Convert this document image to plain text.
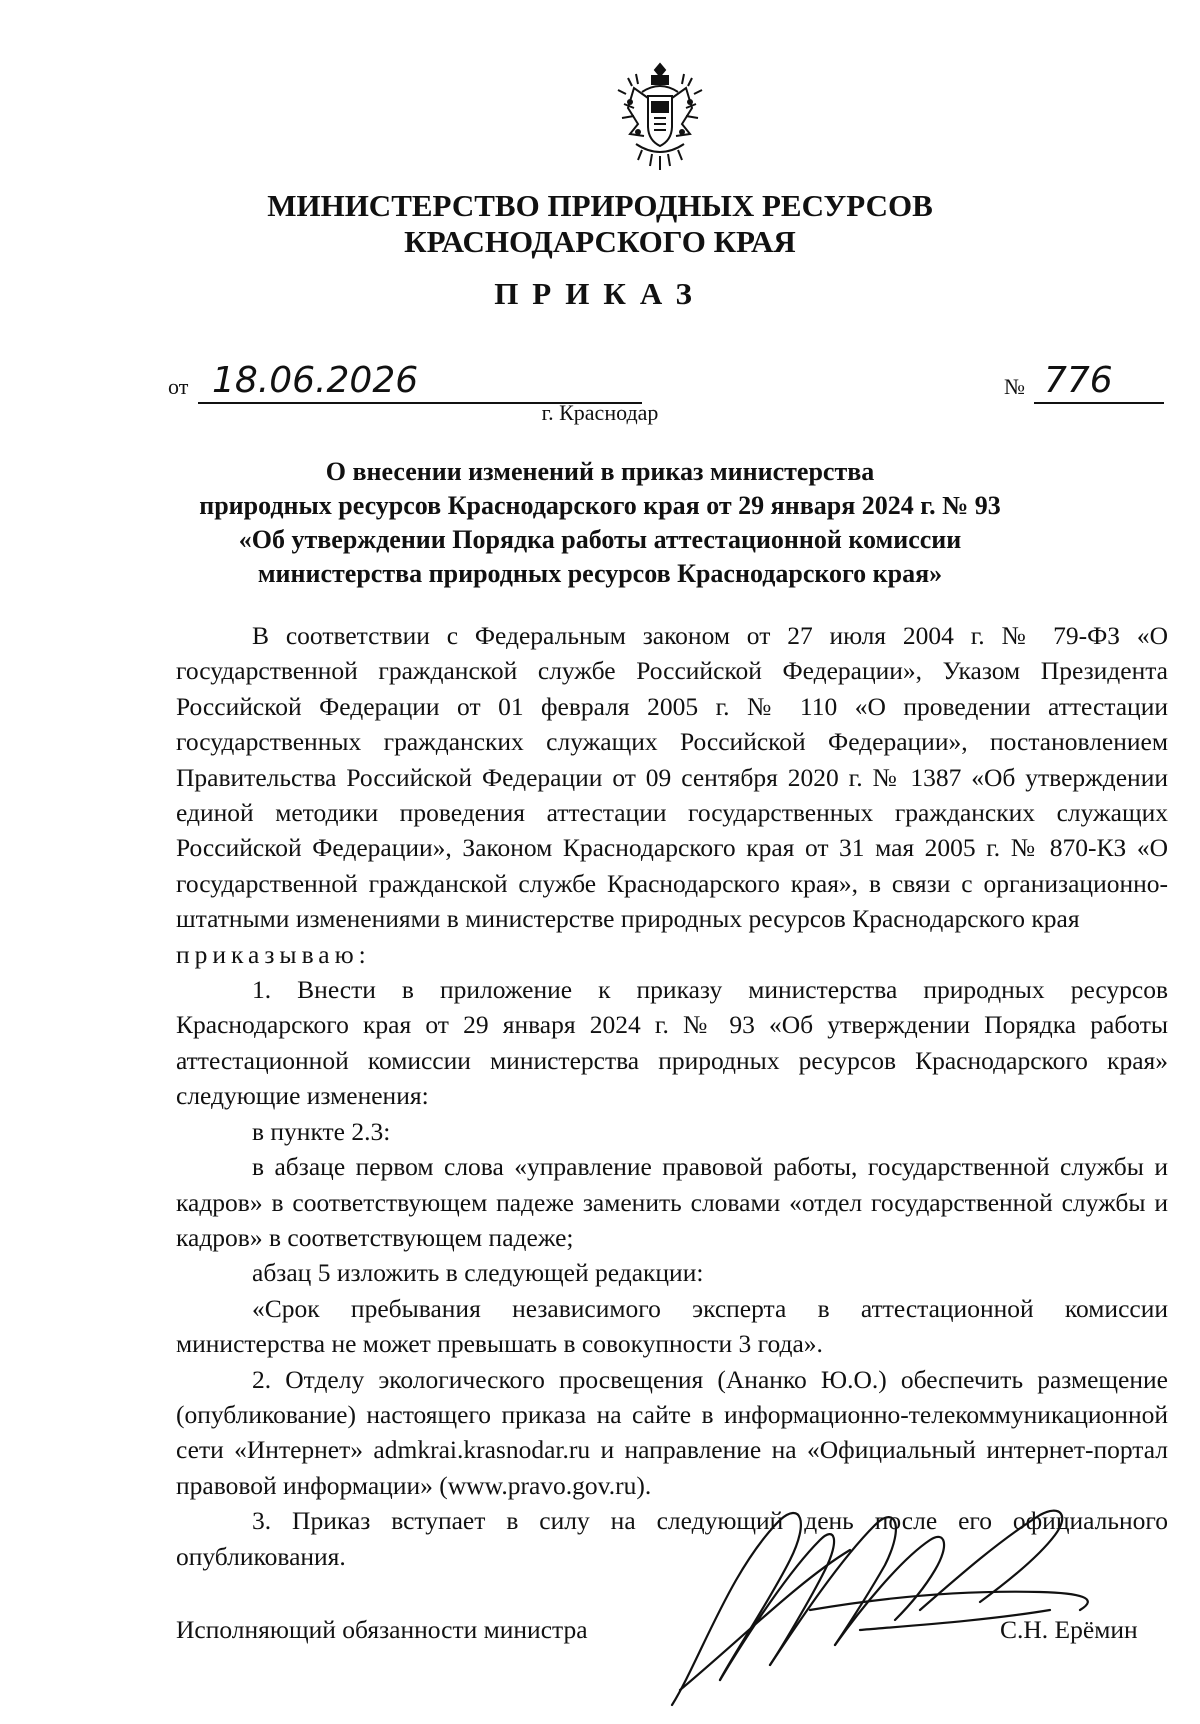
МИНИСТЕРСТВО ПРИРОДНЫХ РЕСУРСОВ
КРАСНОДАРСКОГО КРАЯ
ПРИКАЗ
от 18.06.2026	№ 776
г. Краснодар
О внесении изменений в приказ министерства
природных ресурсов Краснодарского края от 29 января 2024 г. № 93
«Об утверждении Порядка работы аттестационной комиссии
министерства природных ресурсов Краснодарского края»

В соответствии с Федеральным законом от 27 июля 2004 г. № 79-ФЗ «О государственной гражданской службе Российской Федерации», Указом Президента Российской Федерации от 01 февраля 2005 г. № 110 «О проведении аттестации государственных гражданских служащих Российской Федерации», постановлением Правительства Российской Федерации от 09 сентября 2020 г. № 1387 «Об утверждении единой методики проведения аттестации государственных гражданских служащих Российской Федерации», Законом Краснодарского края от 31 мая 2005 г. № 870-КЗ «О государственной гражданской службе Краснодарского края», в связи с организационно-штатными изменениями в министерстве природных ресурсов Краснодарского края

приказываю:

1. Внести в приложение к приказу министерства природных ресурсов Краснодарского края от 29 января 2024 г. № 93 «Об утверждении Порядка работы аттестационной комиссии министерства природных ресурсов Краснодарского края» следующие изменения:

в пункте 2.3:

в абзаце первом слова «управление правовой работы, государственной службы и кадров» в соответствующем падеже заменить словами «отдел государственной службы и кадров» в соответствующем падеже;

абзац 5 изложить в следующей редакции:

«Срок пребывания независимого эксперта в аттестационной комиссии министерства не может превышать в совокупности 3 года».

2. Отделу экологического просвещения (Ананко Ю.О.) обеспечить размещение (опубликование) настоящего приказа на сайте в информационно-телекоммуникационной сети «Интернет» admkrai.krasnodar.ru и направление на «Официальный интернет-портал правовой информации» (www.pravo.gov.ru).

3. Приказ вступает в силу на следующий день после его официального опубликования.

Исполняющий обязанности министра	С.Н. Ерёмин
